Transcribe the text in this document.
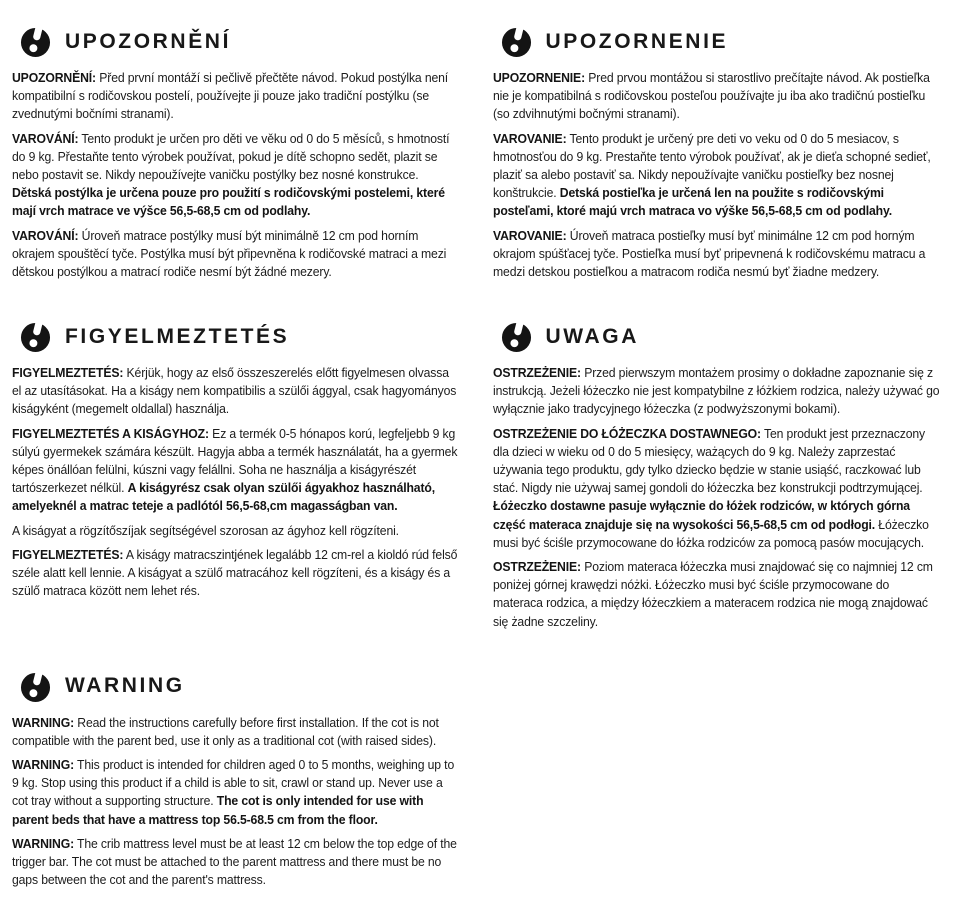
UPOZORNĚNÍ

UPOZORNĚNÍ: Před první montáží si pečlivě přečtěte návod. Pokud postýlka není kompatibilní s rodičovskou postelí, používejte ji pouze jako tradiční postýlku (se zvednutými bočními stranami).

VAROVÁNÍ: Tento produkt je určen pro děti ve věku od 0 do 5 měsíců, s hmotností do 9 kg. Přestaňte tento výrobek používat, pokud je dítě schopno sedět, plazit se nebo postavit se. Nikdy nepoužívejte vaničku postýlky bez nosné konstrukce. Dětská postýlka je určena pouze pro použití s rodičovskými postelemi, které mají vrch matrace ve výšce 56,5-68,5 cm od podlahy.

VAROVÁNÍ: Úroveň matrace postýlky musí být minimálně 12 cm pod horním okrajem spouštěcí tyče. Postýlka musí být připevněna k rodičovské matraci a mezi dětskou postýlkou a matrací rodiče nesmí být žádné mezery.

UPOZORNENIE

UPOZORNENIE: Pred prvou montážou si starostlivo prečítajte návod. Ak postieľka nie je kompatibilná s rodičovskou posteľou používajte ju iba ako tradičnú postieľku (so zdvihnutými bočnými stranami).

VAROVANIE: Tento produkt je určený pre deti vo veku od 0 do 5 mesiacov, s hmotnosťou do 9 kg. Prestaňte tento výrobok používať, ak je dieťa schopné sedieť, plaziť sa alebo postaviť sa. Nikdy nepoužívajte vaničku postieľky bez nosnej konštrukcie. Detská postieľka je určená len na použite s rodičovskými posteľami, ktoré majú vrch matraca vo výške 56,5-68,5 cm od podlahy.

VAROVANIE: Úroveň matraca postieľky musí byť minimálne 12 cm pod horným okrajom spúšťacej tyče. Postieľka musí byť pripevnená k rodičovskému matracu a medzi detskou postieľkou a matracom rodiča nesmú byť žiadne medzery.

FIGYELMEZTETÉS

FIGYELMEZTETÉS: Kérjük, hogy az első összeszerelés előtt figyelmesen olvassa el az utasításokat. Ha a kiságy nem kompatibilis a szülői ággyal, csak hagyományos kiságyként (megemelt oldallal) használja.

FIGYELMEZTETÉS A KISÁGYHOZ: Ez a termék 0-5 hónapos korú, legfeljebb 9 kg súlyú gyermekek számára készült. Hagyja abba a termék használatát, ha a gyermek képes önállóan felülni, kúszni vagy felállni. Soha ne használja a kiságyrészét tartószerkezet nélkül. A kiságyrész csak olyan szülői ágyakhoz használható, amelyeknél a matrac teteje a padlótól 56,5-68,cm magasságban van.

A kiságyat a rögzítőszíjak segítségével szorosan az ágyhoz kell rögzíteni.

FIGYELMEZTETÉS: A kiságy matracszintjének legalább 12 cm-rel a kioldó rúd felső széle alatt kell lennie. A kiságyat a szülő matracához kell rögzíteni, és a kiságy és a szülő matraca között nem lehet rés.

UWAGA

OSTRZEŻENIE: Przed pierwszym montażem prosimy o dokładne zapoznanie się z instrukcją. Jeżeli łóżeczko nie jest kompatybilne z łóżkiem rodzica, należy używać go wyłącznie jako tradycyjnego łóżeczka (z podwyższonymi bokami).

OSTRZEŻENIE DO ŁÓŻECZKA DOSTAWNEGO: Ten produkt jest przeznaczony dla dzieci w wieku od 0 do 5 miesięcy, ważących do 9 kg. Należy zaprzestać używania tego produktu, gdy tylko dziecko będzie w stanie usiąść, raczkować lub stać. Nigdy nie używaj samej gondoli do łóżeczka bez konstrukcji podtrzymującej. Łóżeczko dostawne pasuje wyłącznie do łóżek rodziców, w których górna część materaca znajduje się na wysokości 56,5-68,5 cm od podłogi. Łóżeczko musi być ściśle przymocowane do łóżka rodziców za pomocą pasów mocujących.

OSTRZEŻENIE: Poziom materaca łóżeczka musi znajdować się co najmniej 12 cm poniżej górnej krawędzi nóżki. Łóżeczko musi być ściśle przymocowane do materaca rodzica, a między łóżeczkiem a materacem rodzica nie mogą znajdować się żadne szczeliny.

WARNING

WARNING: Read the instructions carefully before first installation. If the cot is not compatible with the parent bed, use it only as a traditional cot (with raised sides).

WARNING: This product is intended for children aged 0 to 5 months, weighing up to 9 kg. Stop using this product if a child is able to sit, crawl or stand up. Never use a cot tray without a supporting structure. The cot is only intended for use with parent beds that have a mattress top 56.5-68.5 cm from the floor.

WARNING: The crib mattress level must be at least 12 cm below the top edge of the trigger bar. The cot must be attached to the parent mattress and there must be no gaps between the cot and the parent's mattress.
